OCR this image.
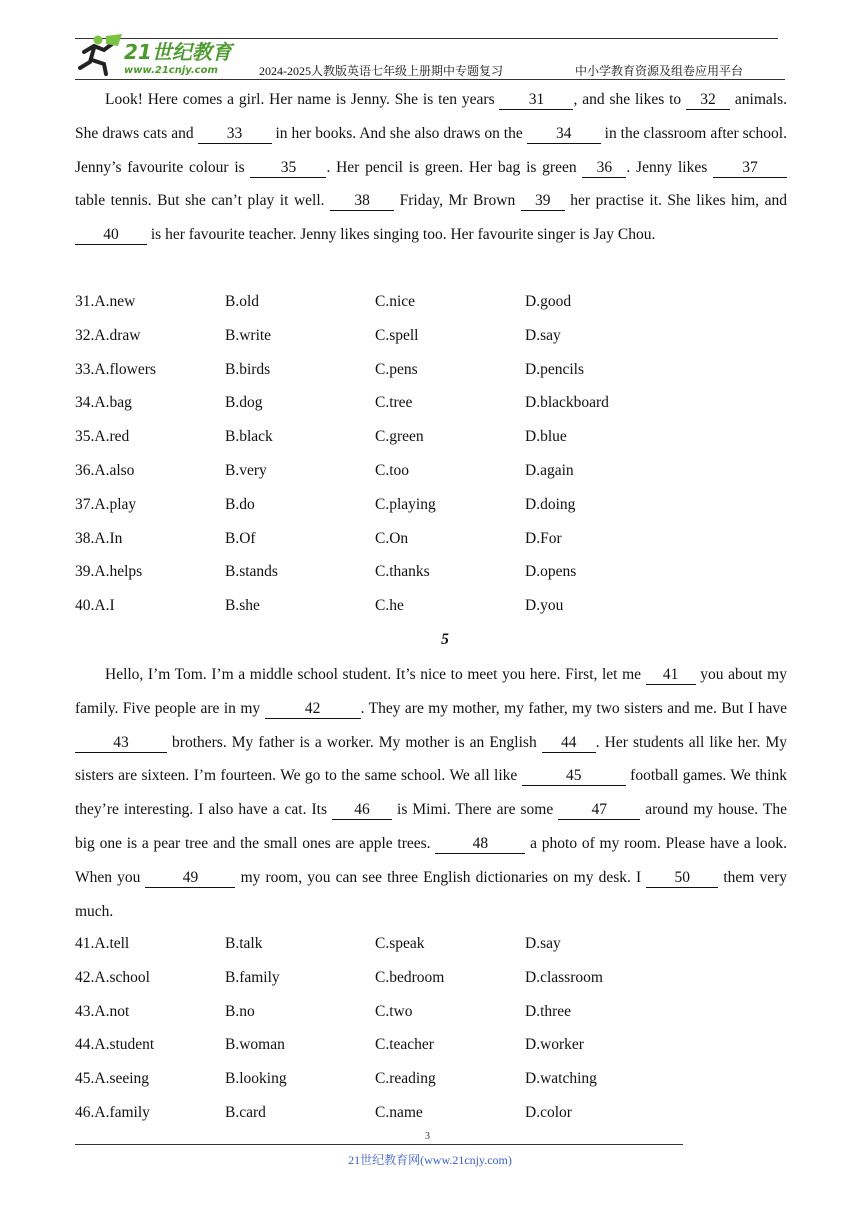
21世纪教育
www.21cnjy.com	2024-2025人教版英语七年级上册期中专题复习	中小学教育资源及组卷应用平台
Look! Here comes a girl. Her name is Jenny. She is ten years 31 , and she likes to 32 animals. She draws cats and 33 in her books. And she also draws on the 34 in the classroom after school. Jenny’s favourite colour is 35 . Her pencil is green. Her bag is green 36 . Jenny likes 37 table tennis. But she can’t play it well. 38 Friday, Mr Brown 39 her practise it. She likes him, and 40 is her favourite teacher. Jenny likes singing too. Her favourite singer is Jay Chou.
31.A.new	B.old	C.nice	D.good
32.A.draw	B.write	C.spell	D.say
33.A.flowers	B.birds	C.pens	D.pencils
34.A.bag	B.dog	C.tree	D.blackboard
35.A.red	B.black	C.green	D.blue
36.A.also	B.very	C.too	D.again
37.A.play	B.do	C.playing	D.doing
38.A.In	B.Of	C.On	D.For
39.A.helps	B.stands	C.thanks	D.opens
40.A.I	B.she	C.he	D.you
5
Hello, I’m Tom. I’m a middle school student. It’s nice to meet you here. First, let me 41 you about my family. Five people are in my	42	. They are my mother, my father, my two sisters and me. But I have 43 brothers. My father is a worker. My mother is an English 44 . Her students all like her. My sisters are sixteen. I’m fourteen. We go to the same school. We all like	45	football games. We think they’re interesting. I also have a cat. Its 46 is Mimi. There are some 47 around my house. The big one is a pear tree and the small ones are apple trees. 48 a photo of my room. Please have a look. When you 49 my room, you can see three English dictionaries on my desk. I 50 them very much.
41.A.tell	B.talk	C.speak	D.say
42.A.school	B.family	C.bedroom	D.classroom
43.A.not	B.no	C.two	D.three
44.A.student	B.woman	C.teacher	D.worker
45.A.seeing	B.looking	C.reading	D.watching
46.A.family	B.card	C.name	D.color
3
21世纪教育网(www.21cnjy.com)
